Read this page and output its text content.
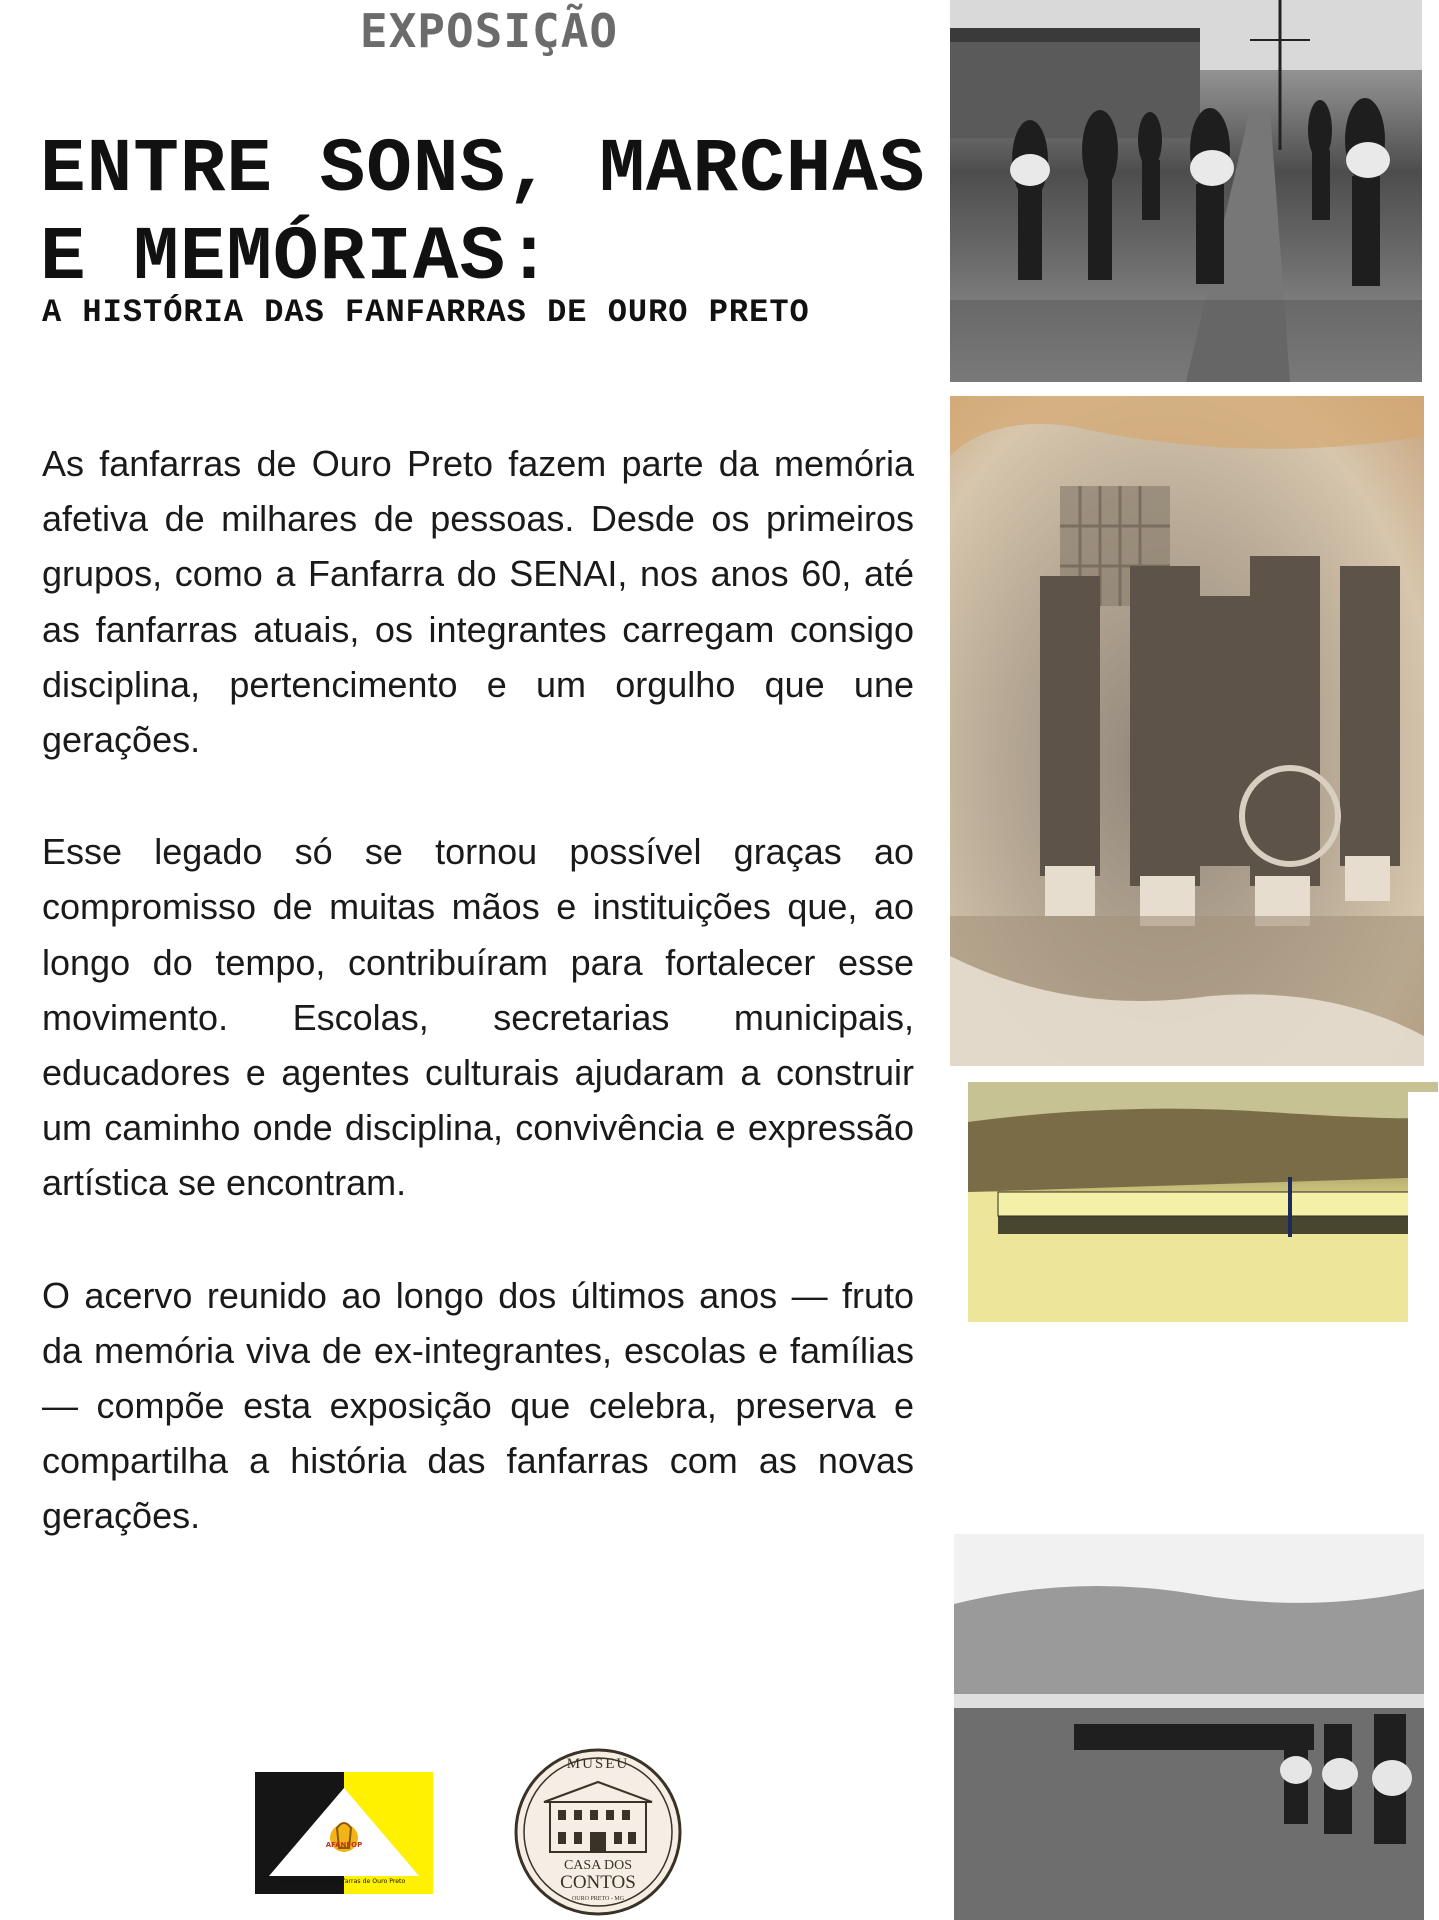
EXPOSIÇÃO
ENTRE SONS, MARCHAS
E MEMÓRIAS:
A HISTÓRIA DAS FANFARRAS DE OURO PRETO

As fanfarras de Ouro Preto fazem parte da memória afetiva de milhares de pessoas. Desde os primeiros grupos, como a Fanfarra do SENAI, nos anos 60, até as fanfarras atuais, os integrantes carregam consigo disciplina, pertencimento e um orgulho que une gerações.

Esse legado só se tornou possível graças ao compromisso de muitas mãos e instituições que, ao longo do tempo, contribuíram para fortalecer esse movimento. Escolas, secretarias municipais, educadores e agentes culturais ajudaram a construir um caminho onde disciplina, convivência e expressão artística se encontram.

O acervo reunido ao longo dos últimos anos — fruto da memória viva de ex-integrantes, escolas e famílias — compõe esta exposição que celebra, preserva e compartilha a história das fanfarras com as novas gerações.

AFANFOP
Associação das Fanfarras de Ouro Preto
MUSEU
CASA DOS
CONTOS
OURO PRETO - MG
